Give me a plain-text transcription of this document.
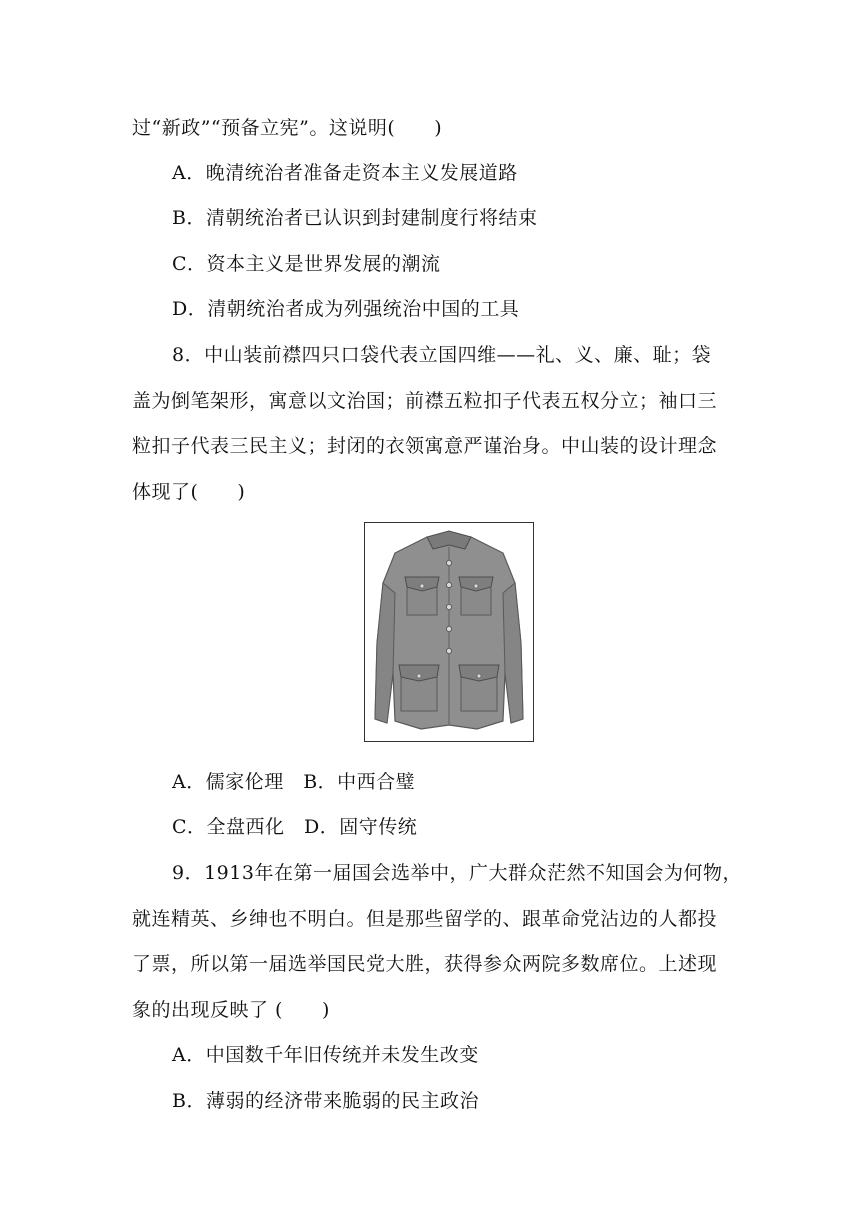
过“新政”“预备立宪”。这说明(　　)
A．晚清统治者准备走资本主义发展道路
B．清朝统治者已认识到封建制度行将结束
C．资本主义是世界发展的潮流
D．清朝统治者成为列强统治中国的工具
8．中山装前襟四只口袋代表立国四维——礼、义、廉、耻；袋
盖为倒笔架形，寓意以文治国；前襟五粒扣子代表五权分立；袖口三
粒扣子代表三民主义；封闭的衣领寓意严谨治身。中山装的设计理念
体现了(　　)
A．儒家伦理　B．中西合璧
C．全盘西化　D．固守传统
9．1913年在第一届国会选举中，广大群众茫然不知国会为何物，
就连精英、乡绅也不明白。但是那些留学的、跟革命党沾边的人都投
了票，所以第一届选举国民党大胜，获得参众两院多数席位。上述现
象的出现反映了 (　　)
A．中国数千年旧传统并未发生改变
B．薄弱的经济带来脆弱的民主政治
